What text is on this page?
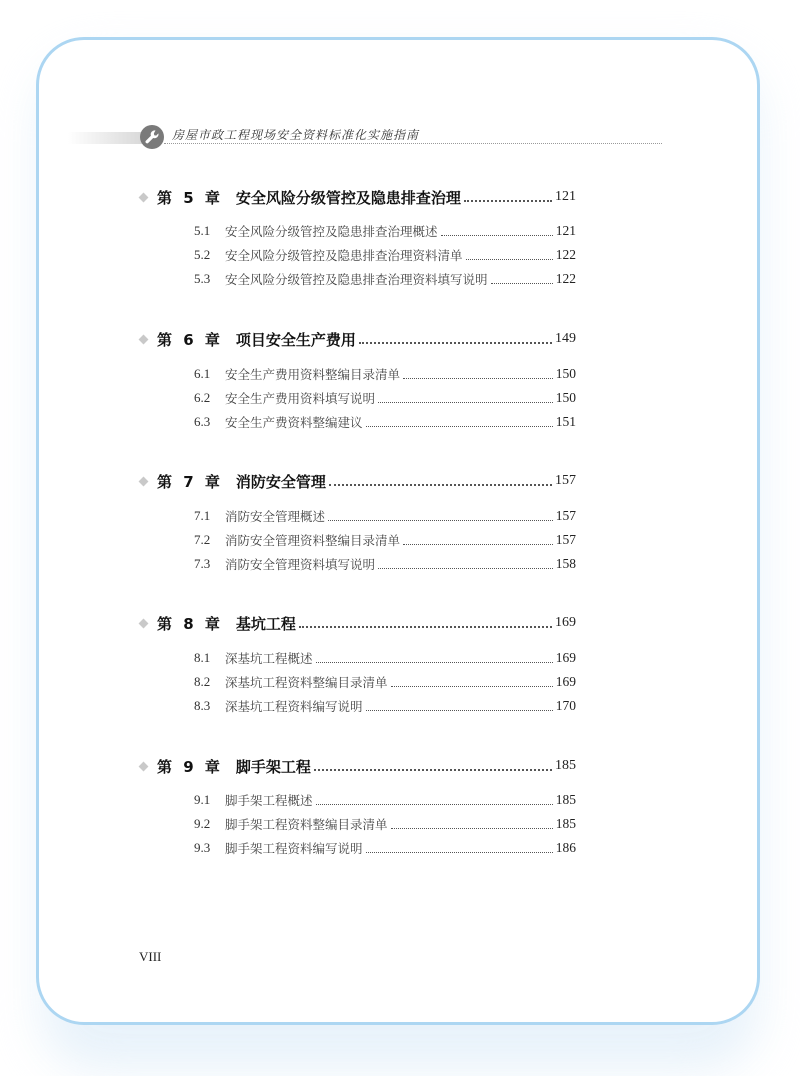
房屋市政工程现场安全资料标准化实施指南
第 5 章 安全风险分级管控及隐患排查治理	121
5.1	安全风险分级管控及隐患排查治理概述	121
5.2	安全风险分级管控及隐患排查治理资料清单	122
5.3	安全风险分级管控及隐患排查治理资料填写说明	122
第 6 章 项目安全生产费用	149
6.1	安全生产费用资料整编目录清单	150
6.2	安全生产费用资料填写说明	150
6.3	安全生产费资料整编建议	151
第 7 章 消防安全管理	157
7.1	消防安全管理概述	157
7.2	消防安全管理资料整编目录清单	157
7.3	消防安全管理资料填写说明	158
第 8 章 基坑工程	169
8.1	深基坑工程概述	169
8.2	深基坑工程资料整编目录清单	169
8.3	深基坑工程资料编写说明	170
第 9 章 脚手架工程	185
9.1	脚手架工程概述	185
9.2	脚手架工程资料整编目录清单	185
9.3	脚手架工程资料编写说明	186
VIII
